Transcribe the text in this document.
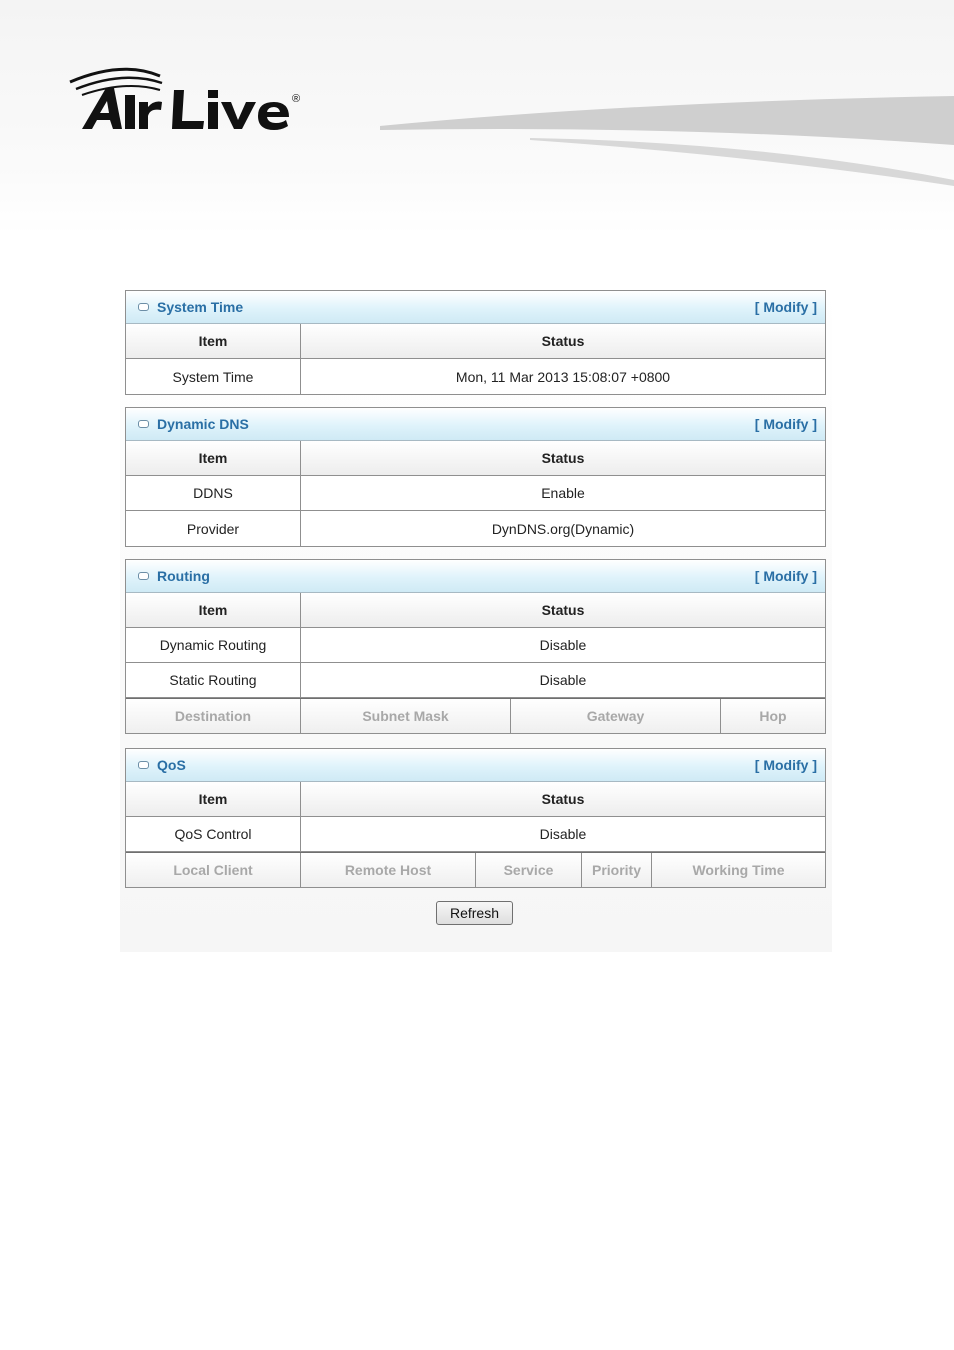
®
System Time	[ Modify ]
Item	Status
System Time	Mon, 11 Mar 2013 15:08:07 +0800
Dynamic DNS	[ Modify ]
Item	Status
DDNS	Enable
Provider	DynDNS.org(Dynamic)
Routing	[ Modify ]
Item	Status
Dynamic Routing	Disable
Static Routing	Disable
Destination	Subnet Mask	Gateway	Hop
QoS	[ Modify ]
Item	Status
QoS Control	Disable
Local Client	Remote Host	Service	Priority	Working Time
Refresh
